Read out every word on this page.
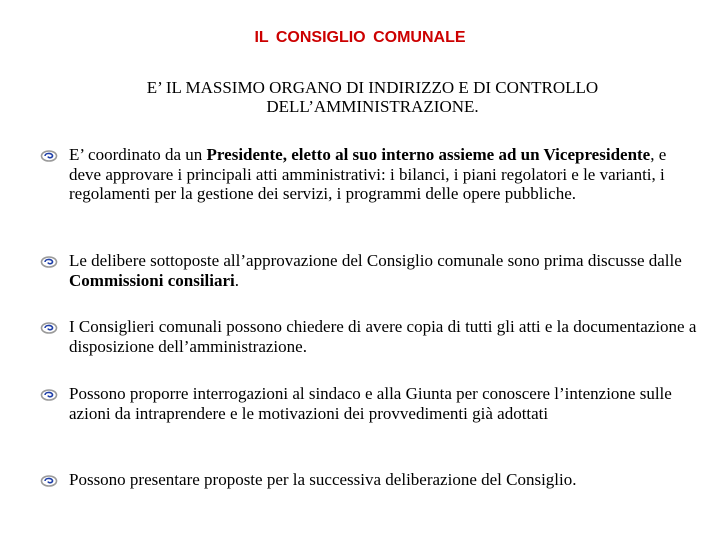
IL CONSIGLIO COMUNALE
E’ IL MASSIMO ORGANO DI INDIRIZZO E DI CONTROLLO
DELL’AMMINISTRAZIONE.
E’ coordinato da un Presidente, eletto al suo interno assieme ad un Vicepresidente, e deve approvare i principali atti amministrativi: i bilanci, i piani regolatori e le varianti, i regolamenti per la gestione dei servizi, i programmi delle opere pubbliche.
Le delibere sottoposte all’approvazione del Consiglio comunale sono prima discusse dalle Commissioni consiliari.
I Consiglieri comunali possono chiedere di avere copia di tutti gli atti e la documentazione a disposizione dell’amministrazione.
Possono proporre interrogazioni al sindaco e alla Giunta per conoscere l’intenzione sulle azioni da intraprendere e le motivazioni dei provvedimenti già adottati
Possono presentare proposte per la successiva deliberazione del Consiglio.
